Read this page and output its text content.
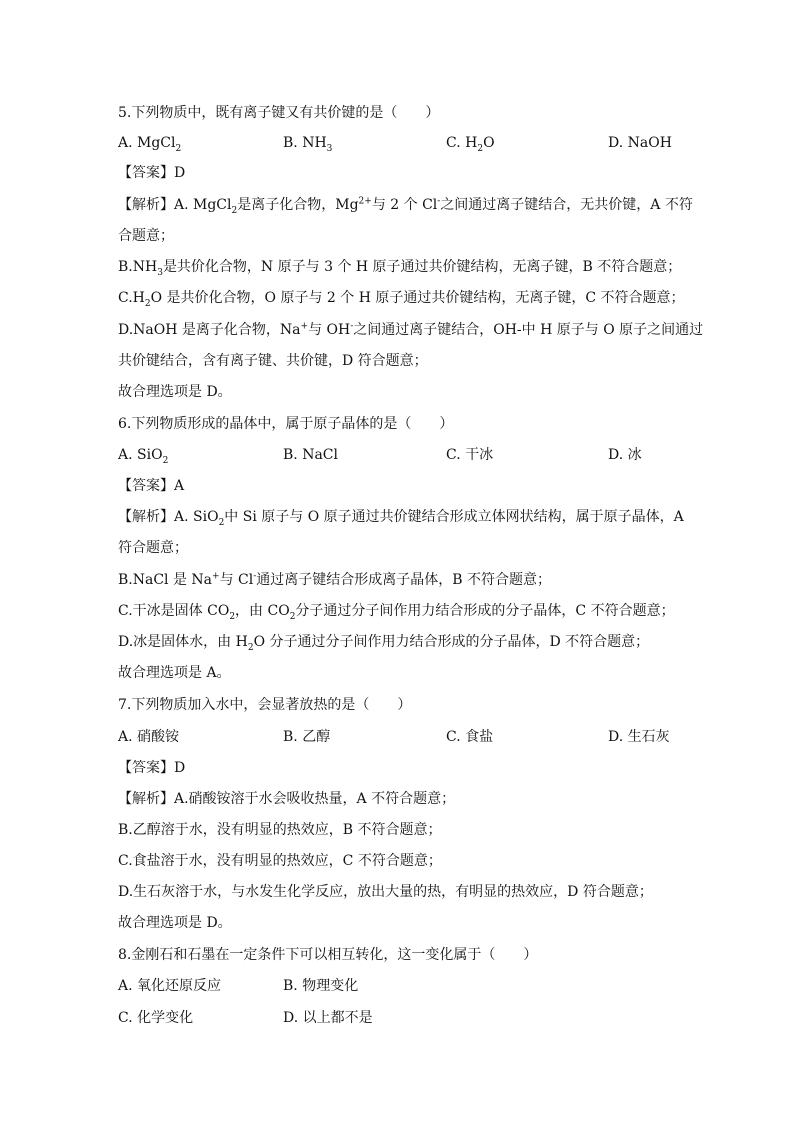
5.下列物质中，既有离子键又有共价键的是（　　）
A. MgCl$_2$	B. $NH_3$	C. $H_2O$	D. NaOH
【答案】D
【解析】A. MgCl$_2$是离子化合物，$Mg^{2+}$与 2 个 Cl-之间通过离子键结合，无共价键，A 不符
合题意；
$B.NH_3$是共价化合物，N 原子与 3 个 H 原子通过共价键结构，无离子键，B 不符合题意；
$C.H_2O$ 是共价化合物，O 原子与 2 个 H 原子通过共价键结构，无离子键，C 不符合题意；
D.NaOH 是离子化合物，Na+与 OH-之间通过离子键结合，OH-中 H 原子与 O 原子之间通过
共价键结合，含有离子键、共价键，D 符合题意；
故合理选项是 D。
6.下列物质形成的晶体中，属于原子晶体的是（　　）
A. SiO$_2$	B. NaCl	C. 干冰	D. 冰
【答案】A
【解析】A. SiO$_2$中 Si 原子与 O 原子通过共价键结合形成立体网状结构，属于原子晶体，A
符合题意；
B.NaCl 是 Na+与 Cl-通过离子键结合形成离子晶体，B 不符合题意；
C.干冰是固体 $CO_2$，由 $CO_2$分子通过分子间作用力结合形成的分子晶体，C 不符合题意；
D.冰是固体水，由 $H_2O$ 分子通过分子间作用力结合形成的分子晶体，D 不符合题意；
故合理选项是 A。
7.下列物质加入水中，会显著放热的是（　　）
A. 硝酸铵	B. 乙醇	C. 食盐	D. 生石灰
【答案】D
【解析】A.硝酸铵溶于水会吸收热量，A 不符合题意；
B.乙醇溶于水，没有明显的热效应，B 不符合题意；
C.食盐溶于水，没有明显的热效应，C 不符合题意；
D.生石灰溶于水，与水发生化学反应，放出大量的热，有明显的热效应，D 符合题意；
故合理选项是 D。
8.金刚石和石墨在一定条件下可以相互转化，这一变化属于（　　）
A. 氧化还原反应	B. 物理变化
C. 化学变化	D. 以上都不是
